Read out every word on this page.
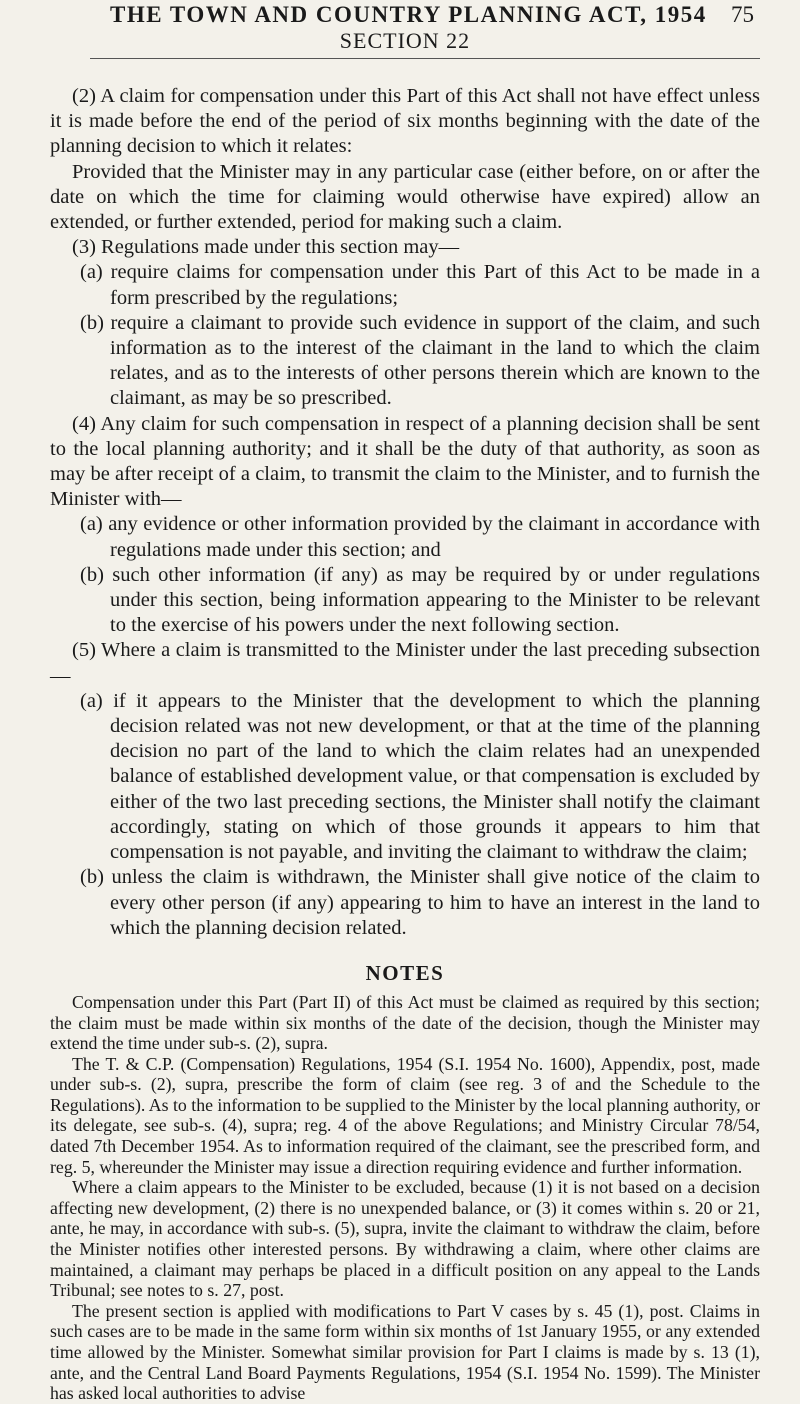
THE TOWN AND COUNTRY PLANNING ACT, 1954 75
SECTION 22

(2) A claim for compensation under this Part of this Act shall not have effect unless it is made before the end of the period of six months beginning with the date of the planning decision to which it relates:

Provided that the Minister may in any particular case (either before, on or after the date on which the time for claiming would otherwise have expired) allow an extended, or further extended, period for making such a claim.

(3) Regulations made under this section may—

(a) require claims for compensation under this Part of this Act to be made in a form prescribed by the regulations;

(b) require a claimant to provide such evidence in support of the claim, and such information as to the interest of the claimant in the land to which the claim relates, and as to the interests of other persons therein which are known to the claimant, as may be so prescribed.

(4) Any claim for such compensation in respect of a planning decision shall be sent to the local planning authority; and it shall be the duty of that authority, as soon as may be after receipt of a claim, to transmit the claim to the Minister, and to furnish the Minister with—

(a) any evidence or other information provided by the claimant in accordance with regulations made under this section; and

(b) such other information (if any) as may be required by or under regulations under this section, being information appearing to the Minister to be relevant to the exercise of his powers under the next following section.

(5) Where a claim is transmitted to the Minister under the last preceding subsection—

(a) if it appears to the Minister that the development to which the planning decision related was not new development, or that at the time of the planning decision no part of the land to which the claim relates had an unexpended balance of established development value, or that compensation is excluded by either of the two last preceding sections, the Minister shall notify the claimant accordingly, stating on which of those grounds it appears to him that compensation is not payable, and inviting the claimant to withdraw the claim;

(b) unless the claim is withdrawn, the Minister shall give notice of the claim to every other person (if any) appearing to him to have an interest in the land to which the planning decision related.

NOTES

Compensation under this Part (Part II) of this Act must be claimed as required by this section; the claim must be made within six months of the date of the decision, though the Minister may extend the time under sub-s. (2), supra.

The T. & C.P. (Compensation) Regulations, 1954 (S.I. 1954 No. 1600), Appendix, post, made under sub-s. (2), supra, prescribe the form of claim (see reg. 3 of and the Schedule to the Regulations). As to the information to be supplied to the Minister by the local planning authority, or its delegate, see sub-s. (4), supra; reg. 4 of the above Regulations; and Ministry Circular 78/54, dated 7th December 1954. As to information required of the claimant, see the prescribed form, and reg. 5, whereunder the Minister may issue a direction requiring evidence and further information.

Where a claim appears to the Minister to be excluded, because (1) it is not based on a decision affecting new development, (2) there is no unexpended balance, or (3) it comes within s. 20 or 21, ante, he may, in accordance with sub-s. (5), supra, invite the claimant to withdraw the claim, before the Minister notifies other interested persons. By withdrawing a claim, where other claims are maintained, a claimant may perhaps be placed in a difficult position on any appeal to the Lands Tribunal; see notes to s. 27, post.

The present section is applied with modifications to Part V cases by s. 45 (1), post. Claims in such cases are to be made in the same form within six months of 1st January 1955, or any extended time allowed by the Minister. Somewhat similar provision for Part I claims is made by s. 13 (1), ante, and the Central Land Board Payments Regulations, 1954 (S.I. 1954 No. 1599). The Minister has asked local authorities to advise
